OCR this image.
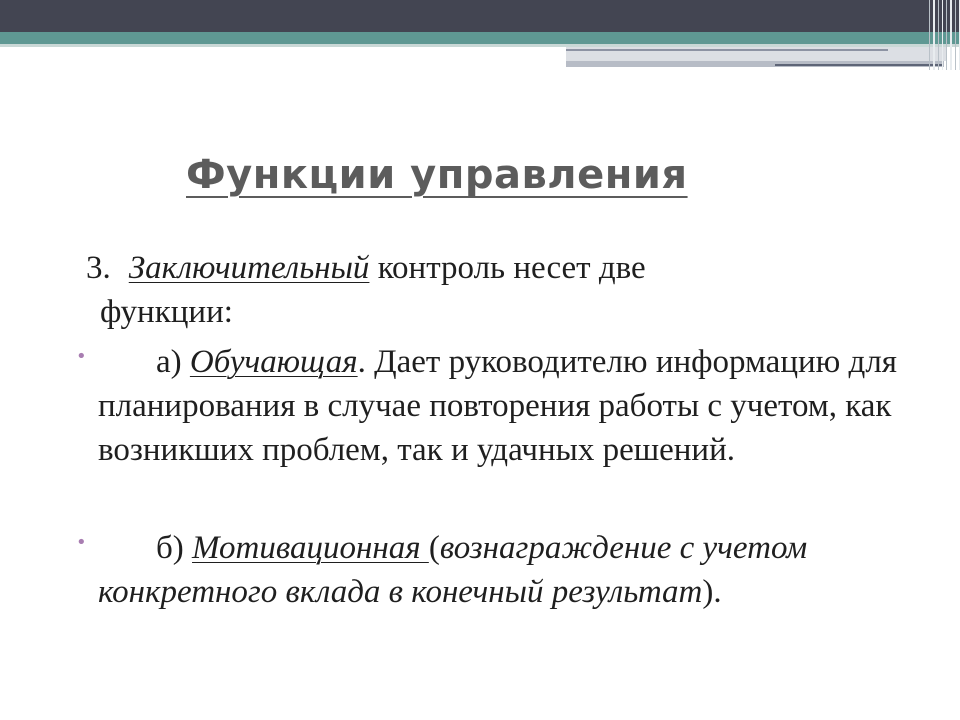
Функции управления

3. Заключительный контроль несет две
функции:

•	а) Обучающая. Дает руководителю информацию для планирования в случае повторения работы с учетом, как возникших проблем, так и удачных решений.

•	б) Мотивационная (вознаграждение с учетом конкретного вклада в конечный результат).
